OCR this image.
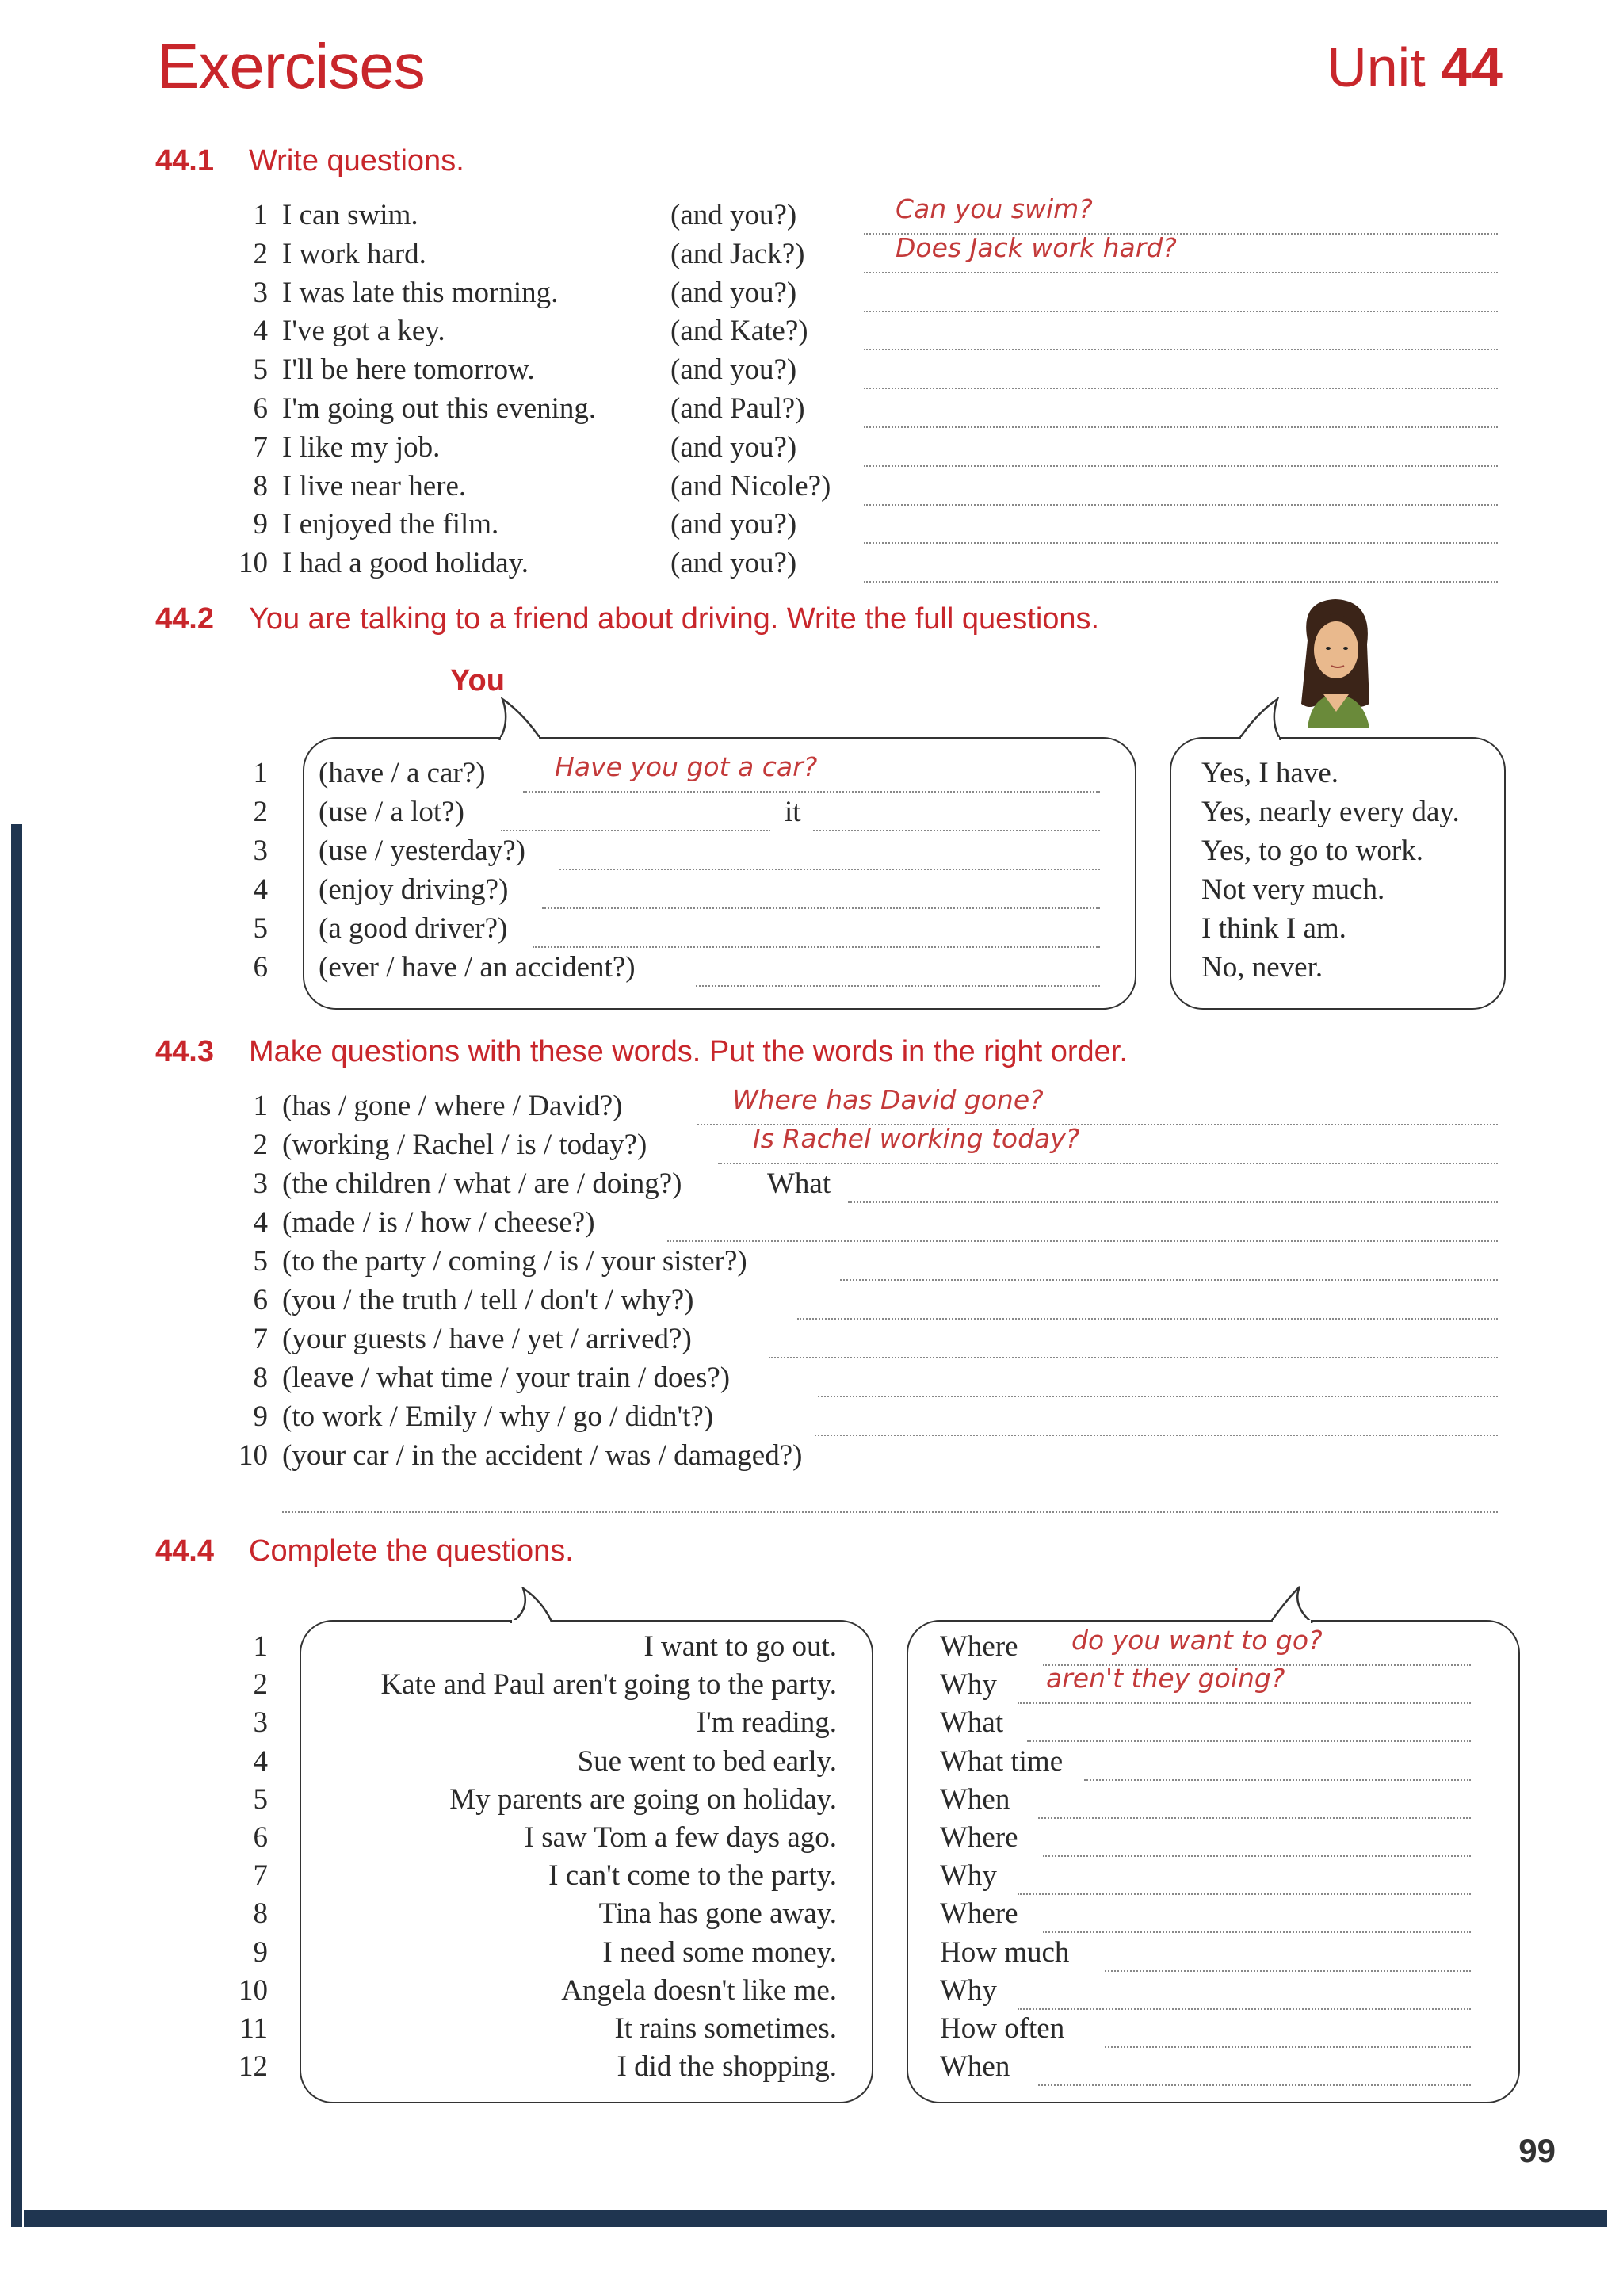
Exercises	Unit 44
44.1 Write questions.
1 I can swim.	(and you?)	Can you swim?
2 I work hard.	(and Jack?)	Does Jack work hard?
3 I was late this morning.	(and you?)
4 I've got a key.	(and Kate?)
5 I'll be here tomorrow.	(and you?)
6 I'm going out this evening.	(and Paul?)
7 I like my job.	(and you?)
8 I live near here.	(and Nicole?)
9 I enjoyed the film.	(and you?)
10 I had a good holiday.	(and you?)
44.2 You are talking to a friend about driving. Write the full questions.
You
1 (have / a car?)	Have you got a car?	Yes, I have.
2 (use / a lot?)	it	Yes, nearly every day.
3 (use / yesterday?)	Yes, to go to work.
4 (enjoy driving?)	Not very much.
5 (a good driver?)	I think I am.
6 (ever / have / an accident?)	No, never.
44.3 Make questions with these words. Put the words in the right order.
1 (has / gone / where / David?)	Where has David gone?
2 (working / Rachel / is / today?)	Is Rachel working today?
3 (the children / what / are / doing?)	What
4 (made / is / how / cheese?)
5 (to the party / coming / is / your sister?)
6 (you / the truth / tell / don't / why?)
7 (your guests / have / yet / arrived?)
8 (leave / what time / your train / does?)
9 (to work / Emily / why / go / didn't?)
10 (your car / in the accident / was / damaged?)
44.4 Complete the questions.
1	I want to go out.	Where do you want to go?
2	Kate and Paul aren't going to the party.	Why aren't they going?
3	I'm reading.	What
4	Sue went to bed early.	What time
5	My parents are going on holiday.	When
6	I saw Tom a few days ago.	Where
7	I can't come to the party.	Why
8	Tina has gone away.	Where
9	I need some money.	How much
10	Angela doesn't like me.	Why
11	It rains sometimes.	How often
12	I did the shopping.	When
99
